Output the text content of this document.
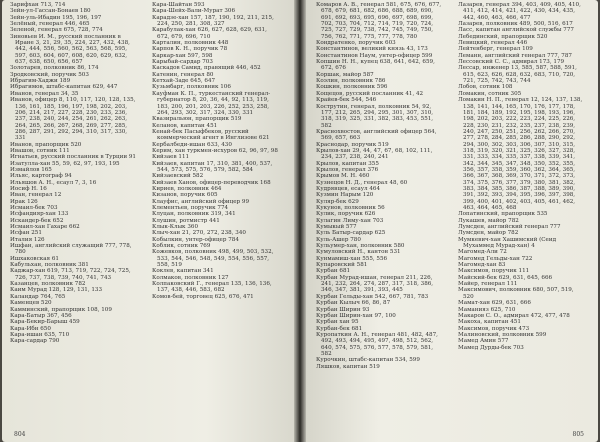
Зарифхан 713, 714
Зейн-ул-Гассан-Бонаев 180
Зейн-уль-Ибадин 195, 196, 197
Зелёный, генерал 446, 465
Зеленой, генерал 675, 728, 774
Зиновьев И. М., русский посланник в Иране 3, 21, 29, 35, 224, 227, 432, 438, 442, 444, 556, 560, 562, 563, 568, 595, 597, 603, 604, 607, 608, 620, 629, 632, 637, 638, 650, 656, 657
Золотарев, полковник 86, 174
Зродковский, поручик 503
Ибрагим-Хаджи 189
Ибрагимов, штабс-капитан 629, 447
Иванов, генерал 34, 35
Иванов, офицер 8, 110, 117, 120, 128, 135, 136, 161, 185, 196, 197, 198, 202, 203, 206, 214, 217, 227, 228, 230, 233, 236, 237, 238, 240, 244, 254, 261, 262, 263, 264, 265, 266, 267, 268, 269, 277, 285, 286, 287, 291, 292, 294, 310, 317, 330, 331
Иванов, прапорщик 520
Ивашов, сотник 111
Игнатьев, русский посланник в Турции 91
Изатулла-хан 55, 59, 62, 97, 193, 195
Измайлов 165
Ильяс, картограф 94
Ильяшов А. Н., есаул 7, 3, 16
Иосиф Н. 16
Иван, генерал 12
Ирак 126
Исмаил-бек 703
Исфандияр-хан 133
Искандер-бек 652
Исмаил-хан Гахаре 662
Исфан 251
Италия 126
Ишфан, английский служащий 777, 778, 780
Ишхаковская 61
Кабульхан, полковник 381
Каджар-хан 619, 713, 719, 722, 724, 725, 726, 737, 738, 739, 740, 741, 743
Казанцев, полковник 782
Каим Мурад 128, 129, 131, 133
Каландар 764, 765
Каменцев 520
Камминский, прапорщик 108, 109
Кара-Батыр 367, 456
Кара-Бекир-Барыш 459
Кара-Ибн 650
Кара-ишан 635, 710
Кара-сардар 790
Кара-Шайтан 593
Кара-Шейх-Вали-Мурат 306
Карадзе-хан 157, 187, 190, 192, 211, 215, 224, 250, 281, 308, 327
Карабулак-хан 626, 627, 628, 629, 631, 672, 679, 696, 710
Карталин, полковник 448
Карпов К. Н., поручик 78
Каркар-хан 597, 598
Карыбай-сардар 703
Каскадов Самид, правящий 446, 452
Катенин, генерал 80
Кетхай-Заде 645, 647
Кузьмбарг, полковник 106
Кауфман К. П., туркестанский генерал-губернатор 8, 20, 36, 44, 92, 113, 119, 183, 200, 201, 203, 226, 252, 253, 258, 264, 293, 302, 317, 324, 330, 331
Квазиральюн, прапорщик 519
Келанов, капитан 451
Кенай-бек Пасыфбеков, русский коммерческий агент в Инглизове 621
Кербалбеди-ишан 633, 430
Керим, хан туркмен-исхуров 62, 96, 97, 98
Кийзаев 111
Кийзаев, капитан 17, 310, 381, 400, 537, 544, 573, 575, 576, 579, 582, 584
Кийзаевский 582
Кийзаев Ханов, офицер-переводчик 168
Кириев, полковник 464
Кизанов, поручик 605
Клауфис, английский офицер 99
Клементьев, поручик 774
Клуцан, полковник 319, 341
Клушин, ротмистр 441
Клык-Клык 360
Клыч-хан 21, 270, 272, 238, 340
Кобылкин, унтер-офицер 784
Коблик, сотник 769
Кожевков, полковник 498, 499, 503, 532, 533, 544, 546, 548, 549, 554, 556, 557, 558, 519
Коклев, капитан 341
Колмаков, полковник 127
Колпаковский Г., генерал 135, 136, 136, 137, 438, 446, 583, 682
Комов-бей, торговец 625, 676, 471
804
Комаров А. В., генерал 581, 675, 676, 677, 678, 679, 681, 682, 686, 688, 689, 690, 691, 692, 693, 695, 696, 697, 698, 699, 702, 703, 704, 712, 714, 719, 720, 724, 725, 727, 729, 738, 742, 745, 749, 750, 756, 762, 771, 775, 777, 778, 780
Кондратенко, поручик 603
Константинов, великий князь 43, 173
Константинов Наум, унтер-офицер 599
Копшин Н. Н., купец 638, 641, 642, 659, 672, 676
Коршак, майор 587
Коэлин, полковник 786
Кошкин, полковник 596
Кощецов, русский посланник 41, 42
Крайев-бек 544, 546
Кострутин, генерал, полковник 54, 92, 177, 212, 265, 294, 295, 301, 307, 310, 318, 319, 325, 331, 382, 383, 453, 551, 582
Краснохвостов, английский офицер 564, 569, 657, 663
Краснодар, поручик 519
Крылов-хан 29, 44, 47, 67, 68, 102, 111, 234, 237, 238, 240, 241
Крылов, капитан 355
Крылов, генерал 376
Крымов М. Н. 460
Кузнецов Н. Д., генерал 48, 60
Кудрявцев, есаул 464
Кузмин Нарым 120
Куляр-бек 629
Кукунов, полковник 56
Кулик, поручик 626
Кулагин Лиму-хан 703
Кумыкый 577
Куль Батыр-сардар 625
Куль-Ашер 780
Кульумер-хан, полковник 580
Кумуловский Н., кантон 531
Кунмамиш-хан 555, 556
Купаровский 581
Курбан 681
Курбан Мурад-ишан, генерал 211, 226, 241, 232, 264, 274, 287, 317, 318, 386, 346, 347, 381, 391, 393, 445
Курбан Гельды-хан 542, 667, 781, 783
Курбан Кылыч 66, 86, 87
Курбан Ширин 93
Курбан Ширин-хан 97, 100
Курбан хан 95
Курбан-бек 681
Куропаткин А. Н., генерал 481, 482, 487, 492, 493, 494, 495, 497, 498, 512, 562, 640, 574, 575, 576, 577, 578, 579, 581, 582
Курочкин, штабс-капитан 534, 599
Ляшков, капитан 519
Лазарев, генерал 394, 403, 409, 405, 410, 411, 412, 414, 421, 422, 430, 434, 435, 442, 460, 463, 466, 477
Лазарев, полковник 489, 500, 516, 617
Ласс, капитан английской службы 777
Лебединский, прапорщик 520
Левицкий, генерал 446
Лейтенберг, генерал 109
Леманн, английский генерал 777, 787
Лессовский С. С., адмирал 173, 179
Лессар, инженер 13, 585, 587, 588, 591, 615, 623, 626, 628, 632, 683, 710, 720, 721, 725, 742, 743, 744
Лобов, сотник 108
Ломакин, сотник 305
Ломакин Н. П., генерал 12, 124, 137, 138, 138, 141, 144, 165, 170, 176, 177, 178, 181, 184, 189, 192, 195, 198, 193, 196, 198, 202, 203, 222, 223, 224, 225, 226, 228, 230, 231, 232, 235, 237, 238, 239, 240, 247, 250, 251, 256, 262, 266, 270, 277, 278, 284, 285, 286, 288, 290, 292, 294, 300, 302, 303, 306, 307, 310, 315, 318, 319, 320, 321, 325, 326, 327, 328, 331, 333, 334, 335, 337, 338, 339, 341, 342, 344, 345, 347, 348, 350, 352, 355, 356, 357, 358, 359, 360, 362, 364, 365, 366, 367, 368, 369, 370, 371, 372, 373, 374, 375, 376, 377, 379, 380, 381, 382, 383, 384, 385, 386, 387, 388, 389, 390, 391, 392, 393, 394, 395, 396, 397, 398, 399, 400, 401, 402, 403, 405, 461, 462, 463, 464, 465, 468
Лопатинский, прапорщик 535
Лукашев, майор 782
Лумсден, английский генерал 777
Лумсден, майор 782
Мумкевич-хан Хашимский (Сеид Мухаммед Мурад-хан) 4
Магомед-Али 72
Магомед Гельды-хан 722
Магомед-хан 83
Максимов, поручик 111
Майский-бек 629, 631, 645, 666
Майер, генерал 111
Максимович, полковник 680, 507, 519, 520
Мамат-хан 629, 631, 666
Маманияз 625, 710
Макаров С. О., адмирал 472, 477, 478
Макоха, капитан 451
Максимов, поручик 473
Малиновский, полковник 599
Мамед Амин 577
Мамед Дурды-бек 703
805
